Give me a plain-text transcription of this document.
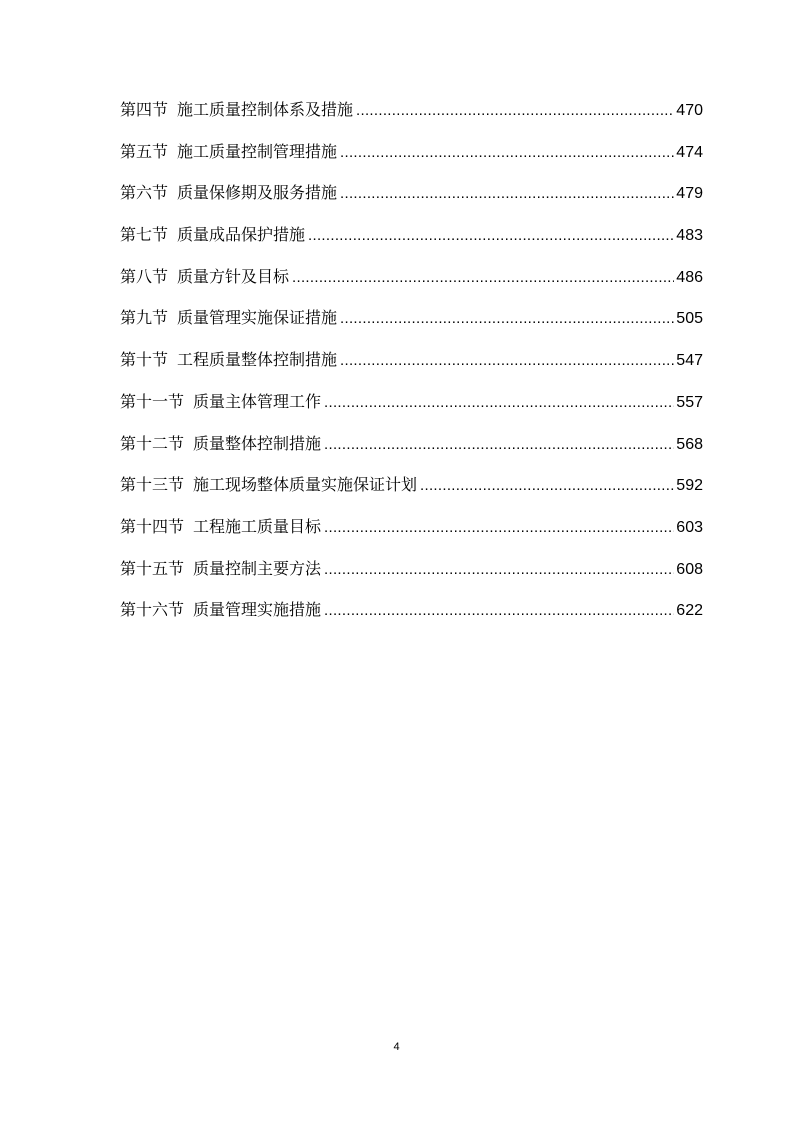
第四节 施工质量控制体系及措施 .....	470
第五节 施工质量控制管理措施 .....	474
第六节 质量保修期及服务措施 .....	479
第七节 质量成品保护措施 .....	483
第八节 质量方针及目标 .....	486
第九节 质量管理实施保证措施 .....	505
第十节 工程质量整体控制措施 .....	547
第十一节 质量主体管理工作 .....	557
第十二节 质量整体控制措施 .....	568
第十三节 施工现场整体质量实施保证计划 .....	592
第十四节 工程施工质量目标 .....	603
第十五节 质量控制主要方法 .....	608
第十六节 质量管理实施措施 .....	622
4
